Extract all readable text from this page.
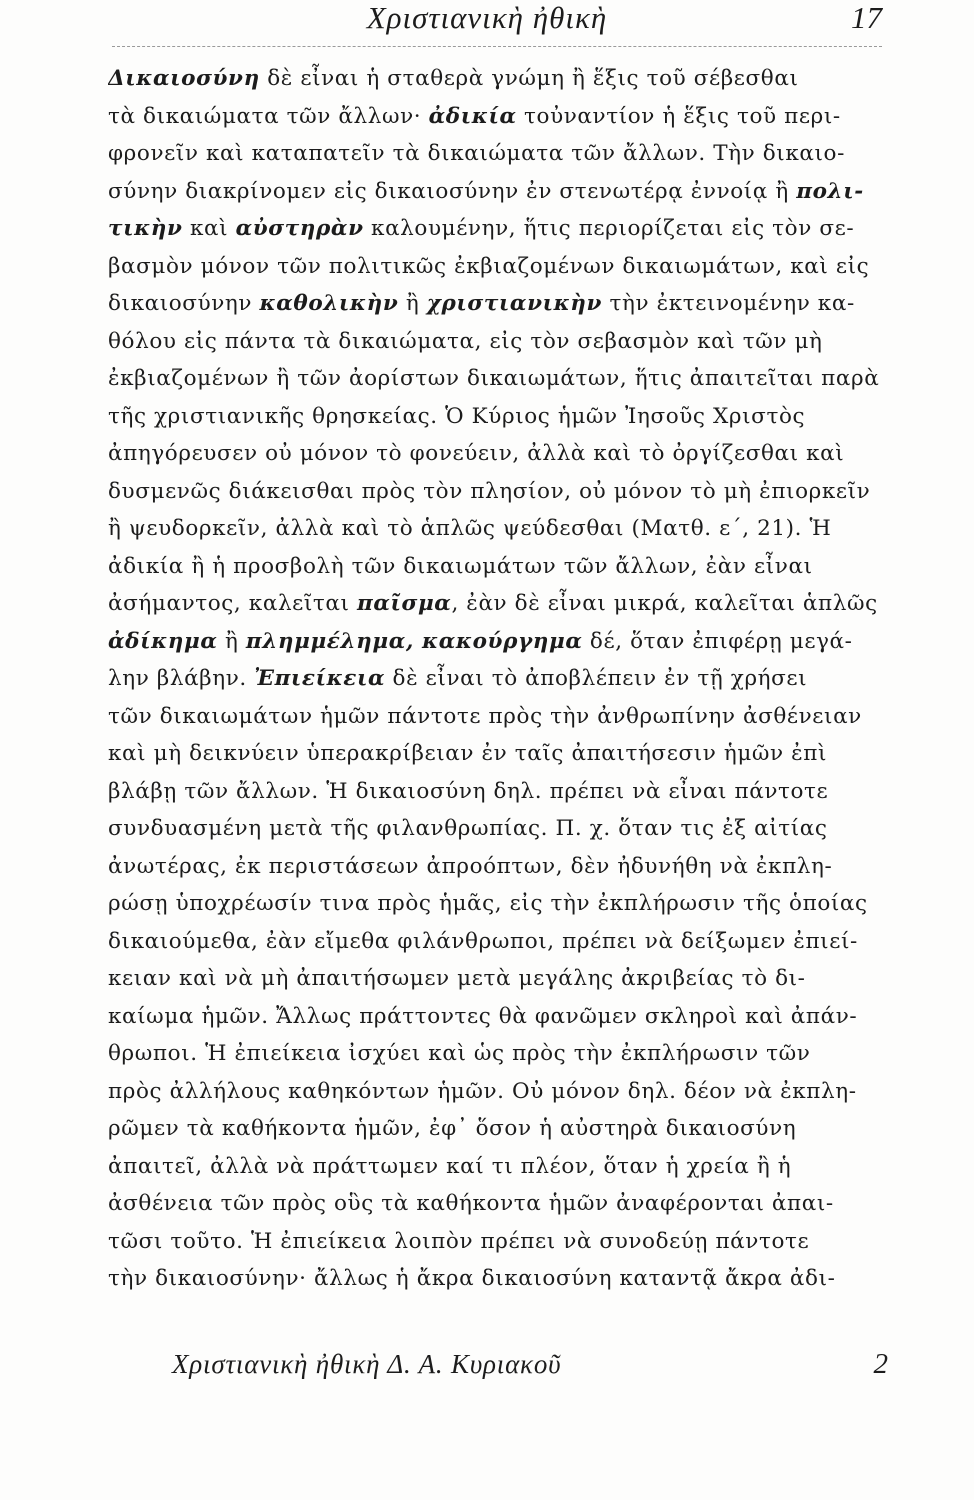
Χριστιανικὴ ἠθικὴ	17
Δικαιοσύνη δὲ εἶναι ἡ σταθερὰ γνώμη ἢ ἕξις τοῦ σέβεσθαι
τὰ δικαιώματα τῶν ἄλλων· ἀδικία τοὐναντίον ἡ ἕξις τοῦ περι-
φρονεῖν καὶ καταπατεῖν τὰ δικαιώματα τῶν ἄλλων. Τὴν δικαιο-
σύνην διακρίνομεν εἰς δικαιοσύνην ἐν στενωτέρᾳ ἐννοίᾳ ἢ πολι-
τικὴν καὶ αὐστηρὰν καλουμένην, ἥτις περιορίζεται εἰς τὸν σε-
βασμὸν μόνον τῶν πολιτικῶς ἐκβιαζομένων δικαιωμάτων, καὶ εἰς
δικαιοσύνην καθολικὴν ἢ χριστιανικὴν τὴν ἐκτεινομένην κα-
θόλου εἰς πάντα τὰ δικαιώματα, εἰς τὸν σεβασμὸν καὶ τῶν μὴ
ἐκβιαζομένων ἢ τῶν ἀορίστων δικαιωμάτων, ἥτις ἀπαιτεῖται παρὰ
τῆς χριστιανικῆς θρησκείας. Ὁ Κύριος ἡμῶν Ἰησοῦς Χριστὸς
ἀπηγόρευσεν οὐ μόνον τὸ φονεύειν, ἀλλὰ καὶ τὸ ὀργίζεσθαι καὶ
δυσμενῶς διάκεισθαι πρὸς τὸν πλησίον, οὐ μόνον τὸ μὴ ἐπιορκεῖν
ἢ ψευδορκεῖν, ἀλλὰ καὶ τὸ ἁπλῶς ψεύδεσθαι (Ματθ. ε΄, 21). Ἡ
ἀδικία ἢ ἡ προσβολὴ τῶν δικαιωμάτων τῶν ἄλλων, ἐὰν εἶναι
ἀσήμαντος, καλεῖται παῖσμα, ἐὰν δὲ εἶναι μικρά, καλεῖται ἁπλῶς
ἀδίκημα ἢ πλημμέλημα, κακούργημα δέ, ὅταν ἐπιφέρῃ μεγά-
λην βλάβην. Ἐπιείκεια δὲ εἶναι τὸ ἀποβλέπειν ἐν τῇ χρήσει
τῶν δικαιωμάτων ἡμῶν πάντοτε πρὸς τὴν ἀνθρωπίνην ἀσθένειαν
καὶ μὴ δεικνύειν ὑπερακρίβειαν ἐν ταῖς ἀπαιτήσεσιν ἡμῶν ἐπὶ
βλάβῃ τῶν ἄλλων. Ἡ δικαιοσύνη δηλ. πρέπει νὰ εἶναι πάντοτε
συνδυασμένη μετὰ τῆς φιλανθρωπίας. Π. χ. ὅταν τις ἐξ αἰτίας
ἀνωτέρας, ἐκ περιστάσεων ἀπροόπτων, δὲν ἠδυνήθη νὰ ἐκπλη-
ρώσῃ ὑποχρέωσίν τινα πρὸς ἡμᾶς, εἰς τὴν ἐκπλήρωσιν τῆς ὁποίας
δικαιούμεθα, ἐὰν εἴμεθα φιλάνθρωποι, πρέπει νὰ δείξωμεν ἐπιεί-
κειαν καὶ νὰ μὴ ἀπαιτήσωμεν μετὰ μεγάλης ἀκριβείας τὸ δι-
καίωμα ἡμῶν. Ἄλλως πράττοντες θὰ φανῶμεν σκληροὶ καὶ ἀπάν-
θρωποι. Ἡ ἐπιείκεια ἰσχύει καὶ ὡς πρὸς τὴν ἐκπλήρωσιν τῶν
πρὸς ἀλλήλους καθηκόντων ἡμῶν. Οὐ μόνον δηλ. δέον νὰ ἐκπλη-
ρῶμεν τὰ καθήκοντα ἡμῶν, ἐφ᾽ ὅσον ἡ αὐστηρὰ δικαιοσύνη
ἀπαιτεῖ, ἀλλὰ νὰ πράττωμεν καί τι πλέον, ὅταν ἡ χρεία ἢ ἡ
ἀσθένεια τῶν πρὸς οὓς τὰ καθήκοντα ἡμῶν ἀναφέρονται ἀπαι-
τῶσι τοῦτο. Ἡ ἐπιείκεια λοιπὸν πρέπει νὰ συνοδεύῃ πάντοτε
τὴν δικαιοσύνην· ἄλλως ἡ ἄκρα δικαιοσύνη καταντᾷ ἄκρα ἀδι-
Χριστιανικὴ ἠθικὴ Δ. Α. Κυριακοῦ	2
